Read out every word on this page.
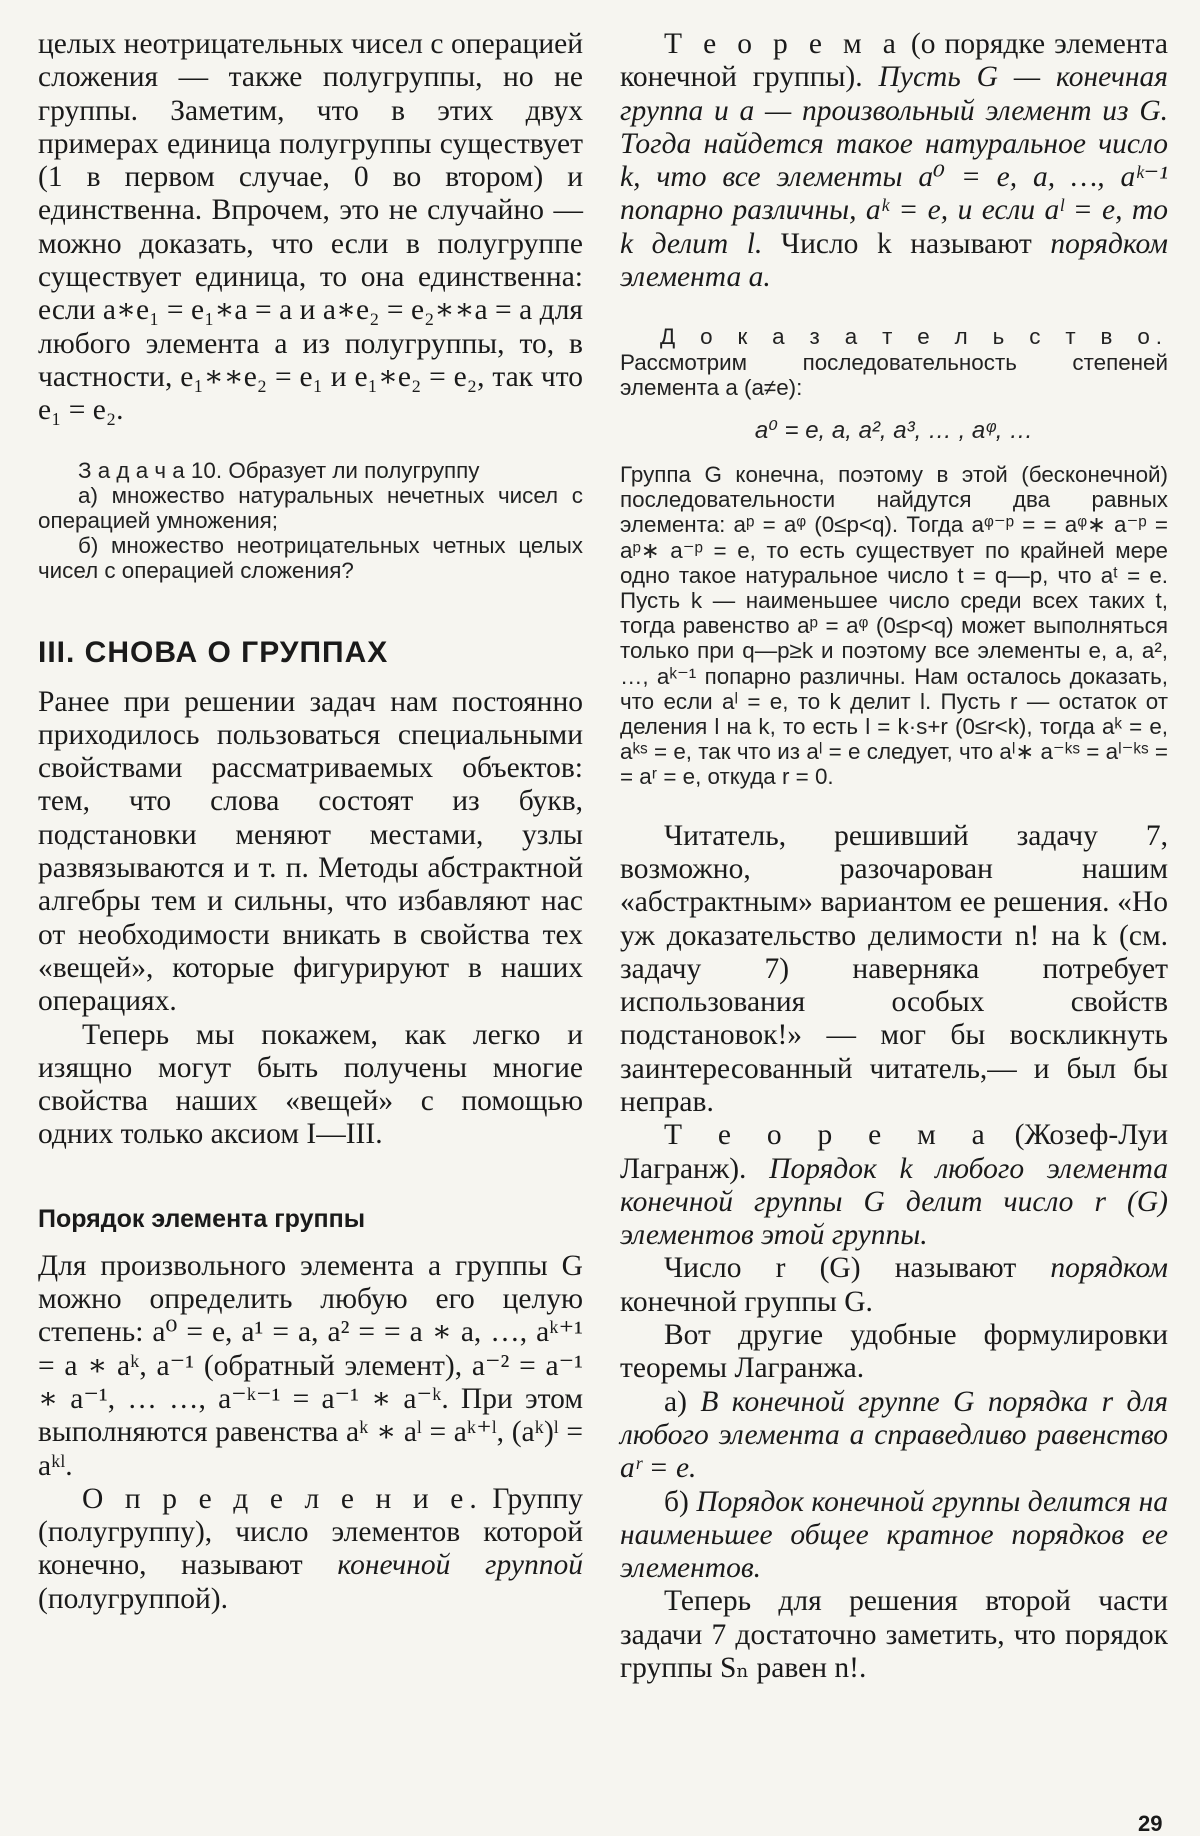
целых неотрицательных чисел с операцией сложения — также полугруппы, но не группы. Заметим, что в этих двух примерах единица полугруппы существует (1 в первом случае, 0 во втором) и единственна. Впрочем, это не случайно — можно доказать, что если в полугруппе существует единица, то она единственна: если a∗e₁ = e₁∗a = a и a∗e₂ = e₂∗∗a = a для любого элемента a из полугруппы, то, в частности, e₁∗∗e₂ = e₁ и e₁∗e₂ = e₂, так что e₁ = e₂.

З а д а ч а 10. Образует ли полугруппу

а) множество натуральных нечетных чисел с операцией умножения;

б) множество неотрицательных четных целых чисел с операцией сложения?

III. СНОВА О ГРУППАХ

Ранее при решении задач нам постоянно приходилось пользоваться специальными свойствами рассматриваемых объектов: тем, что слова состоят из букв, подстановки меняют местами, узлы развязываются и т. п. Методы абстрактной алгебры тем и сильны, что избавляют нас от необходимости вникать в свойства тех «вещей», которые фигурируют в наших операциях.

Теперь мы покажем, как легко и изящно могут быть получены многие свойства наших «вещей» с помощью одних только аксиом I—III.

Порядок элемента группы

Для произвольного элемента a группы G можно определить любую его целую степень: a⁰ = e, a¹ = a, a² = = a ∗ a, …, aᵏ⁺¹ = a ∗ aᵏ, a⁻¹ (обратный элемент), a⁻² = a⁻¹ ∗ a⁻¹, … …, a⁻ᵏ⁻¹ = a⁻¹ ∗ a⁻ᵏ. При этом выполняются равенства aᵏ ∗ aˡ = aᵏ⁺ˡ, (aᵏ)ˡ = aᵏˡ.

О п р е д е л е н и е. Группу (полугруппу), число элементов которой конечно, называют конечной группой (полугруппой).

Т е о р е м а (о порядке элемента конечной группы). Пусть G — конечная группа и a — произвольный элемент из G. Тогда найдется такое натуральное число k, что все элементы a⁰ = e, a, …, aᵏ⁻¹ попарно различны, aᵏ = e, и если aˡ = e, то k делит l. Число k называют порядком элемента a.

Д о к а з а т е л ь с т в о. Рассмотрим последовательность степеней элемента a (a≠e):

a⁰ = e, a, a², a³, … , aᵠ, …

Группа G конечна, поэтому в этой (бесконечной) последовательности найдутся два равных элемента: aᵖ = aᵠ (0≤p<q). Тогда aᵠ⁻ᵖ = = aᵠ∗ a⁻ᵖ = aᵖ∗ a⁻ᵖ = e, то есть существует по крайней мере одно такое натуральное число t = q—p, что aᵗ = e. Пусть k — наименьшее число среди всех таких t, тогда равенство aᵖ = aᵠ (0≤p<q) может выполняться только при q—p≥k и поэтому все элементы e, a, a², …, aᵏ⁻¹ попарно различны. Нам осталось доказать, что если aˡ = e, то k делит l. Пусть r — остаток от деления l на k, то есть l = k·s+r (0≤r<k), тогда aᵏ = e, aᵏˢ = e, так что из aˡ = e следует, что aˡ∗ a⁻ᵏˢ = aˡ⁻ᵏˢ = = aʳ = e, откуда r = 0.

Читатель, решивший задачу 7, возможно, разочарован нашим «абстрактным» вариантом ее решения. «Но уж доказательство делимости n! на k (см. задачу 7) наверняка потребует использования особых свойств подстановок!» — мог бы воскликнуть заинтересованный читатель,— и был бы неправ.

Т е о р е м а (Жозеф-Луи Лагранж). Порядок k любого элемента конечной группы G делит число r (G) элементов этой группы.

Число r (G) называют порядком конечной группы G.

Вот другие удобные формулировки теоремы Лагранжа.

а) В конечной группе G порядка r для любого элемента a справедливо равенство aʳ = e.

б) Порядок конечной группы делится на наименьшее общее кратное порядков ее элементов.

Теперь для решения второй части задачи 7 достаточно заметить, что порядок группы Sₙ равен n!.

29
